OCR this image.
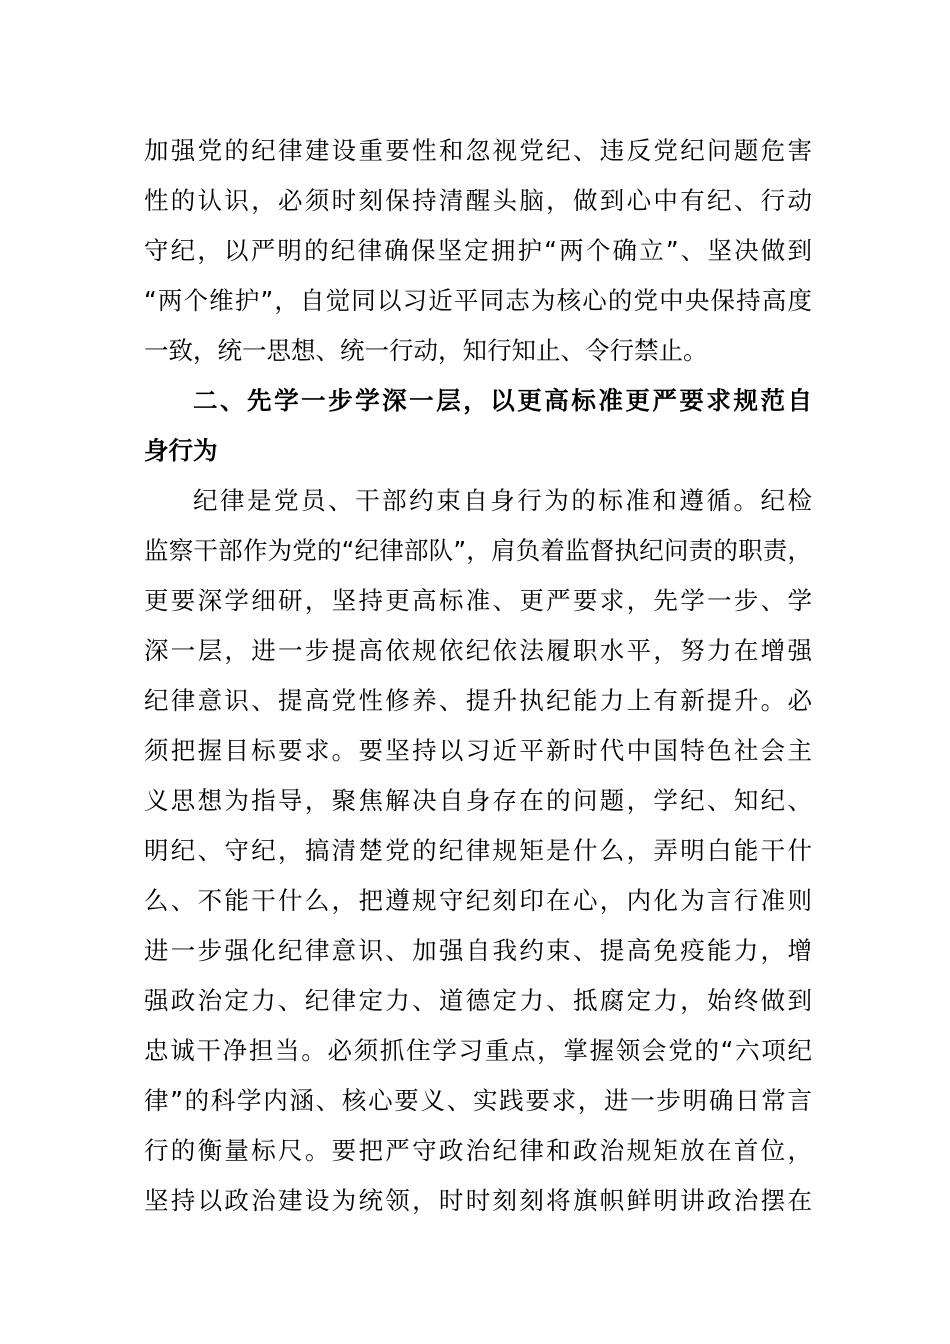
加强党的纪律建设重要性和忽视党纪、违反党纪问题危害
性的认识，必须时刻保持清醒头脑，做到心中有纪、行动
守纪，以严明的纪律确保坚定拥护“两个确立”、坚决做到
“两个维护”，自觉同以习近平同志为核心的党中央保持高度
一致，统一思想、统一行动，知行知止、令行禁止。
二、先学一步学深一层，以更高标准更严要求规范自
身行为
纪律是党员、干部约束自身行为的标准和遵循。纪检
监察干部作为党的“纪律部队”，肩负着监督执纪问责的职责，
更要深学细研，坚持更高标准、更严要求，先学一步、学
深一层，进一步提高依规依纪依法履职水平，努力在增强
纪律意识、提高党性修养、提升执纪能力上有新提升。必
须把握目标要求。要坚持以习近平新时代中国特色社会主
义思想为指导，聚焦解决自身存在的问题，学纪、知纪、
明纪、守纪，搞清楚党的纪律规矩是什么，弄明白能干什
么、不能干什么，把遵规守纪刻印在心，内化为言行准则
进一步强化纪律意识、加强自我约束、提高免疫能力，增
强政治定力、纪律定力、道德定力、抵腐定力，始终做到
忠诚干净担当。必须抓住学习重点，掌握领会党的“六项纪
律”的科学内涵、核心要义、实践要求，进一步明确日常言
行的衡量标尺。要把严守政治纪律和政治规矩放在首位，
坚持以政治建设为统领，时时刻刻将旗帜鲜明讲政治摆在
